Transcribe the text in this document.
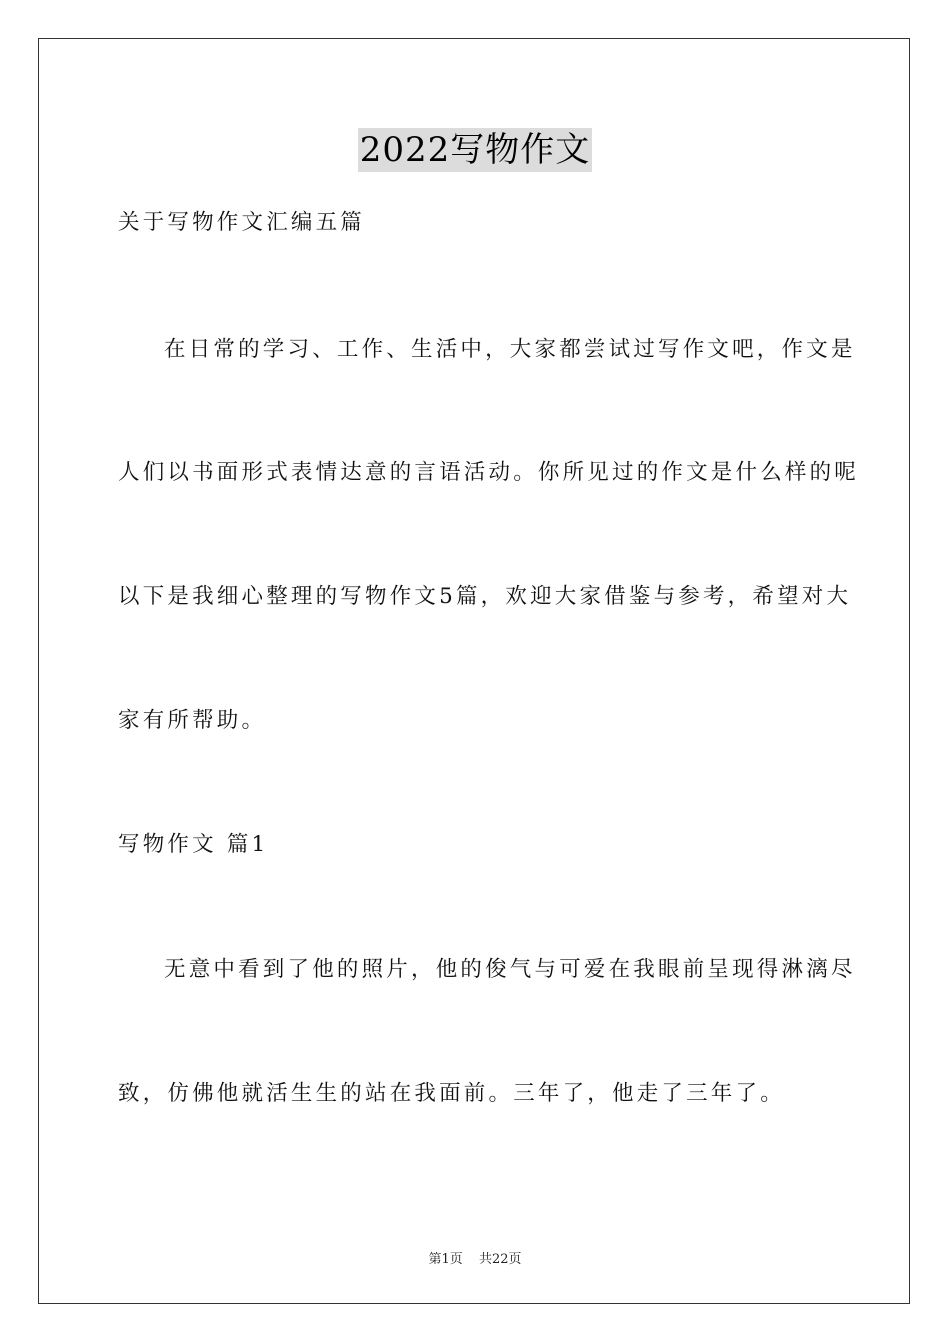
2022写物作文
关于写物作文汇编五篇
在日常的学习、工作、生活中，大家都尝试过写作文吧，作文是
人们以书面形式表情达意的言语活动。你所见过的作文是什么样的呢
以下是我细心整理的写物作文5篇，欢迎大家借鉴与参考，希望对大
家有所帮助。
写物作文 篇1
无意中看到了他的照片，他的俊气与可爱在我眼前呈现得淋漓尽
致，仿佛他就活生生的站在我面前。三年了，他走了三年了。
第1页 共22页
